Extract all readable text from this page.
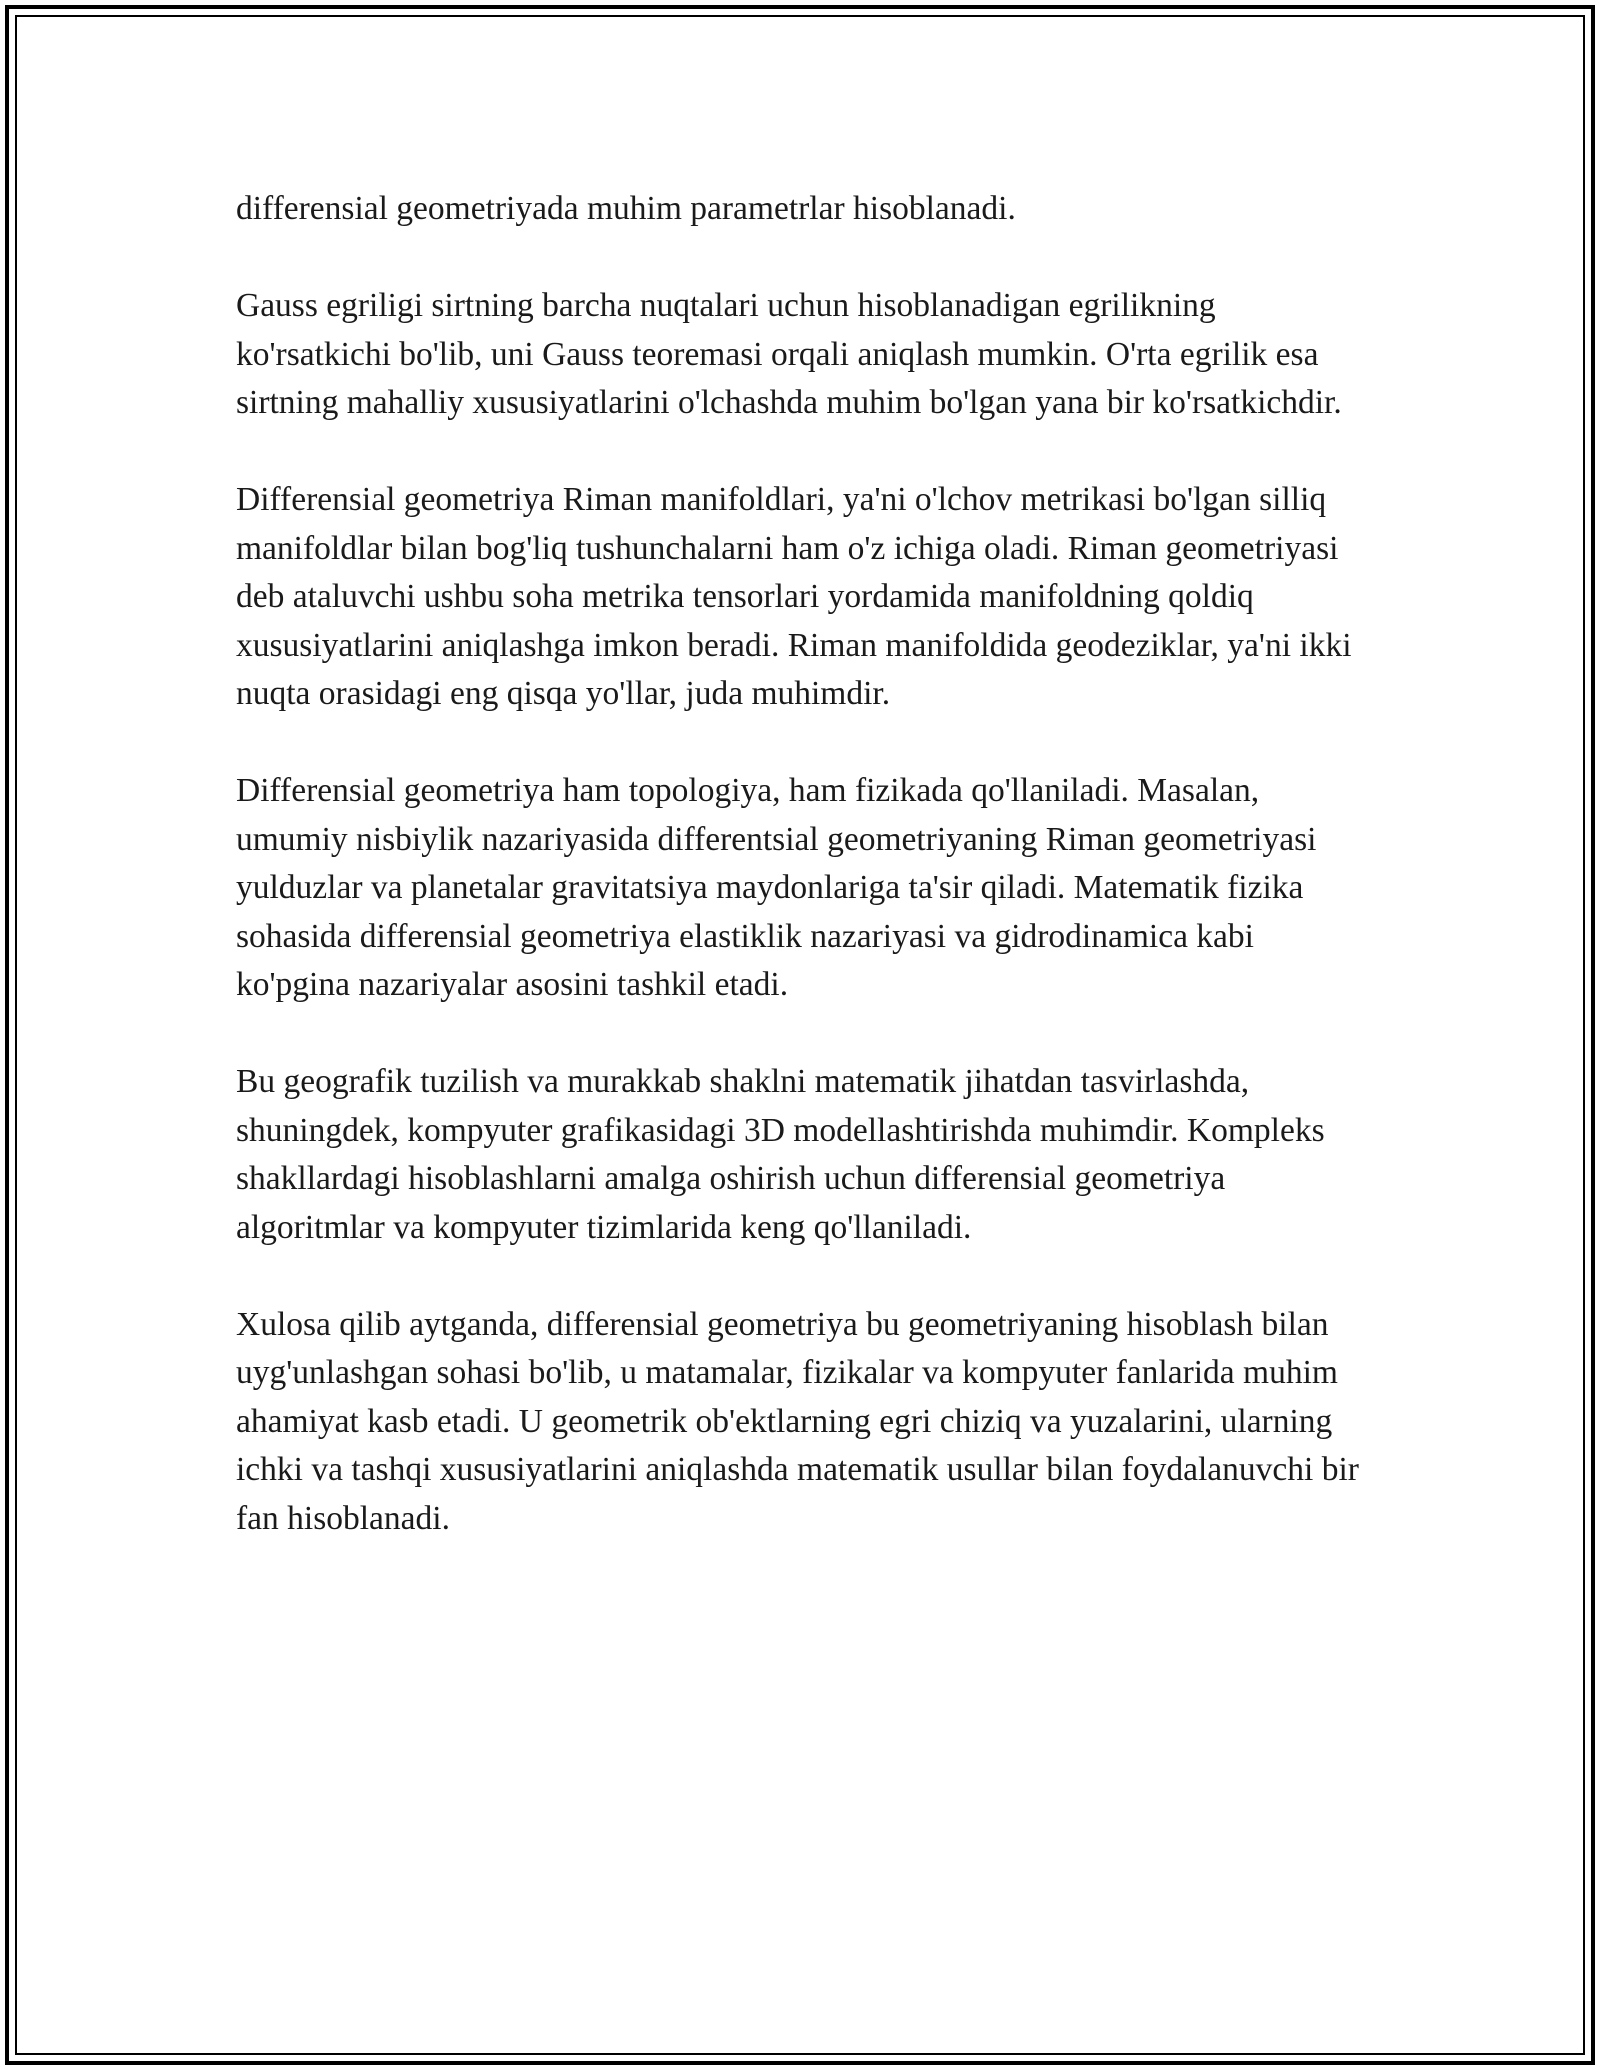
differensial geometriyada muhim parametrlar hisoblanadi.

Gauss egriligi sirtning barcha nuqtalari uchun hisoblanadigan egrilikning ko'rsatkichi bo'lib, uni Gauss teoremasi orqali aniqlash mumkin. O'rta egrilik esa sirtning mahalliy xususiyatlarini o'lchashda muhim bo'lgan yana bir ko'rsatkichdir.

Differensial geometriya Riman manifoldlari, ya'ni o'lchov metrikasi bo'lgan silliq manifoldlar bilan bog'liq tushunchalarni ham o'z ichiga oladi. Riman geometriyasi deb ataluvchi ushbu soha metrika tensorlari yordamida manifoldning qoldiq xususiyatlarini aniqlashga imkon beradi. Riman manifoldida geodeziklar, ya'ni ikki nuqta orasidagi eng qisqa yo'llar, juda muhimdir.

Differensial geometriya ham topologiya, ham fizikada qo'llaniladi. Masalan, umumiy nisbiylik nazariyasida differentsial geometriyaning Riman geometriyasi yulduzlar va planetalar gravitatsiya maydonlariga ta'sir qiladi. Matematik fizika sohasida differensial geometriya elastiklik nazariyasi va gidrodinamica kabi ko'pgina nazariyalar asosini tashkil etadi.

Bu geografik tuzilish va murakkab shaklni matematik jihatdan tasvirlashda, shuningdek, kompyuter grafikasidagi 3D modellashtirishda muhimdir. Kompleks shakllardagi hisoblashlarni amalga oshirish uchun differensial geometriya algoritmlar va kompyuter tizimlarida keng qo'llaniladi.

Xulosa qilib aytganda, differensial geometriya bu geometriyaning hisoblash bilan uyg'unlashgan sohasi bo'lib, u matamalar, fizikalar va kompyuter fanlarida muhim ahamiyat kasb etadi. U geometrik ob'ektlarning egri chiziq va yuzalarini, ularning ichki va tashqi xususiyatlarini aniqlashda matematik usullar bilan foydalanuvchi bir fan hisoblanadi.
